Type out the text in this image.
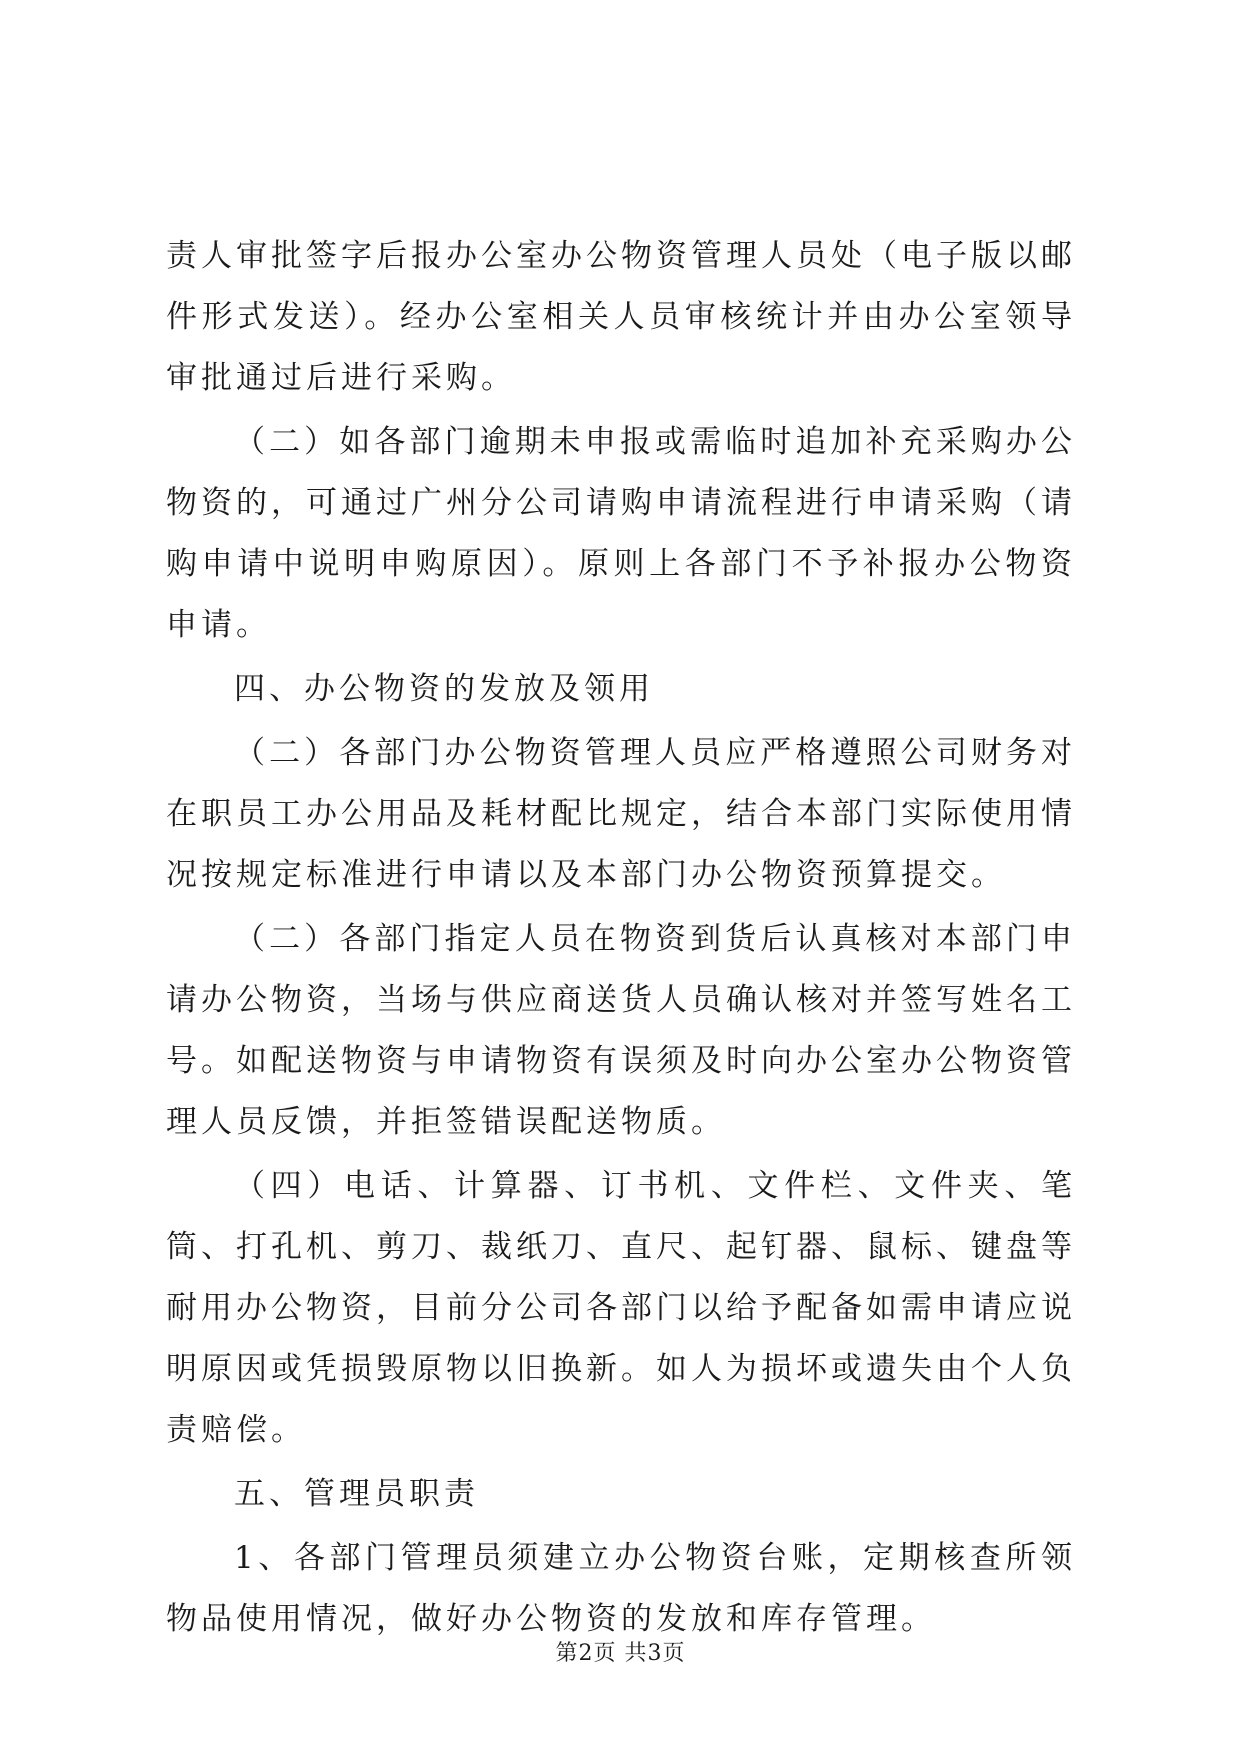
责人审批签字后报办公室办公物资管理人员处（电子版以邮件形式发送）。经办公室相关人员审核统计并由办公室领导审批通过后进行采购。

（二）如各部门逾期未申报或需临时追加补充采购办公物资的，可通过广州分公司请购申请流程进行申请采购（请购申请中说明申购原因）。原则上各部门不予补报办公物资申请。

四、办公物资的发放及领用

（二）各部门办公物资管理人员应严格遵照公司财务对在职员工办公用品及耗材配比规定，结合本部门实际使用情况按规定标准进行申请以及本部门办公物资预算提交。

（二）各部门指定人员在物资到货后认真核对本部门申请办公物资，当场与供应商送货人员确认核对并签写姓名工号。如配送物资与申请物资有误须及时向办公室办公物资管理人员反馈，并拒签错误配送物质。

（四）电话、计算器、订书机、文件栏、文件夹、笔筒、打孔机、剪刀、裁纸刀、直尺、起钉器、鼠标、键盘等耐用办公物资，目前分公司各部门以给予配备如需申请应说明原因或凭损毁原物以旧换新。如人为损坏或遗失由个人负责赔偿。

五、管理员职责

1、各部门管理员须建立办公物资台账，定期核查所领物品使用情况，做好办公物资的发放和库存管理。

第2页 共3页
